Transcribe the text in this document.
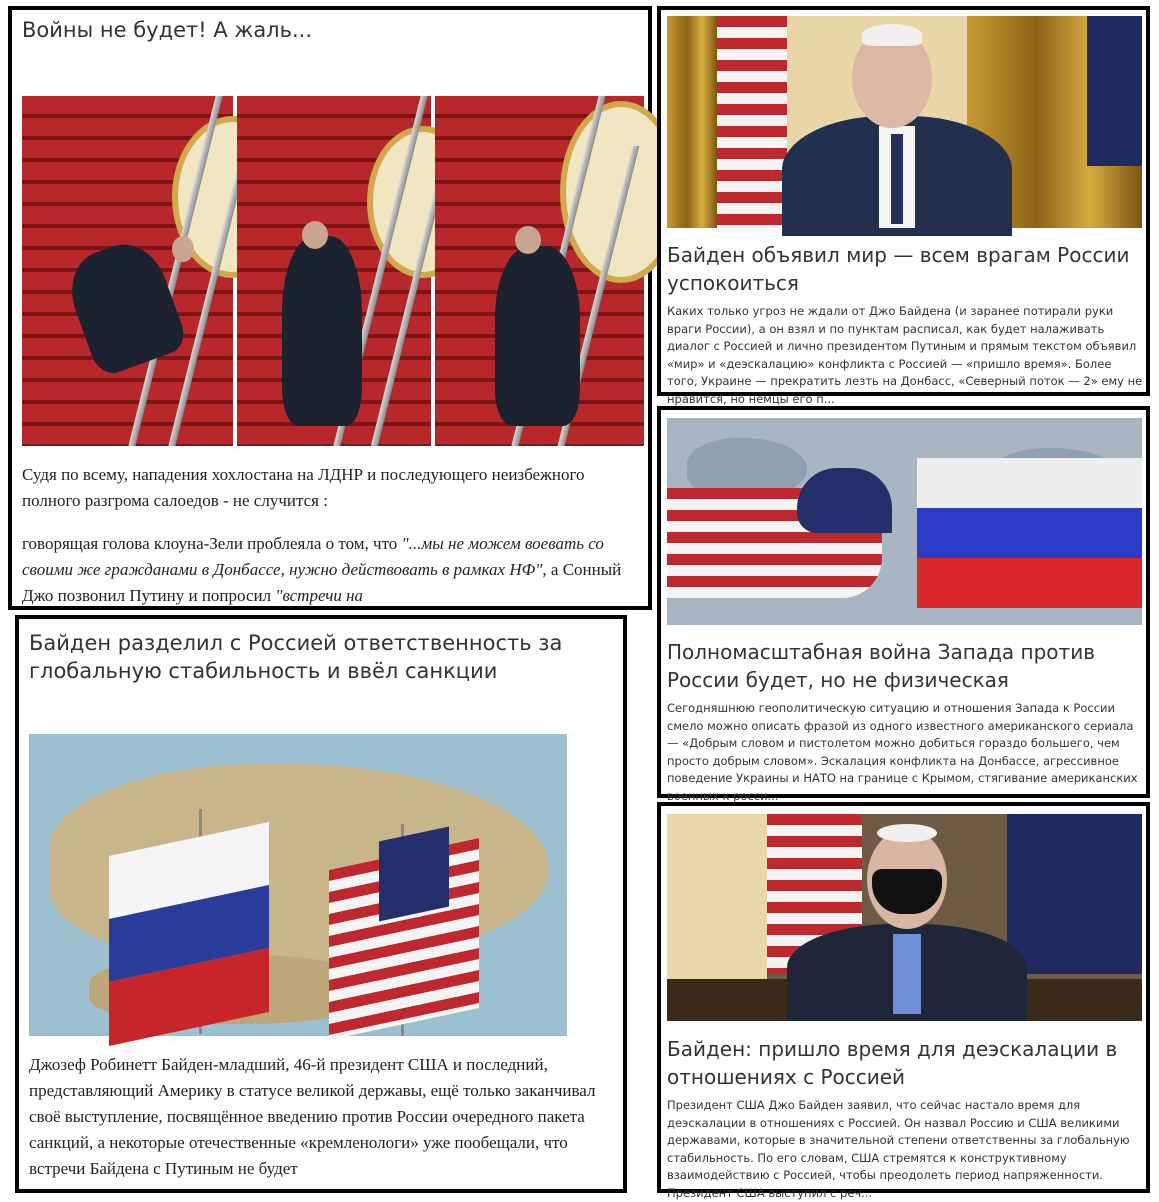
Войны не будет! А жаль...

Судя по всему, нападения хохлостана на ЛДНР и последующего неизбежного полного разгрома салоедов - не случится :

говорящая голова клоуна-Зели проблеяла о том, что "...мы не можем воевать со своими же гражданами в Донбассе, нужно действовать в рамках НФ", а Сонный Джо позвонил Путину и попросил "встречи на

Байден объявил мир — всем врагам России успокоиться

Каких только угроз не ждали от Джо Байдена (и заранее потирали руки враги России), а он взял и по пунктам расписал, как будет налаживать диалог с Россией и лично президентом Путиным и прямым текстом объявил «мир» и «деэскалацию» конфликта с Россией — «пришло время». Более того, Украине — прекратить лезть на Донбасс, «Северный поток — 2» ему не нравится, но немцы его п...

Полномасштабная война Запада против России будет, но не физическая

Сегодняшнюю геополитическую ситуацию и отношения Запада к России смело можно описать фразой из одного известного американского сериала — «Добрым словом и пистолетом можно добиться гораздо большего, чем просто добрым словом». Эскалация конфликта на Донбассе, агрессивное поведение Украины и НАТО на границе с Крымом, стягивание американских военных к росси...

Байден разделил с Россией ответственность за глобальную стабильность и ввёл санкции

Джозеф Робинетт Байден-младший, 46-й президент США и последний, представляющий Америку в статусе великой державы, ещё только заканчивал своё выступление, посвящённое введению против России очередного пакета санкций, а некоторые отечественные «кремленологи» уже пообещали, что встречи Байдена с Путиным не будет

Байден: пришло время для деэскалации в отношениях с Россией

Президент США Джо Байден заявил, что сейчас настало время для деэскалации в отношениях с Россией. Он назвал Россию и США великими державами, которые в значительной степени ответственны за глобальную стабильность. По его словам, США стремятся к конструктивному взаимодействию с Россией, чтобы преодолеть период напряженности. Президент США выступил с реч...
